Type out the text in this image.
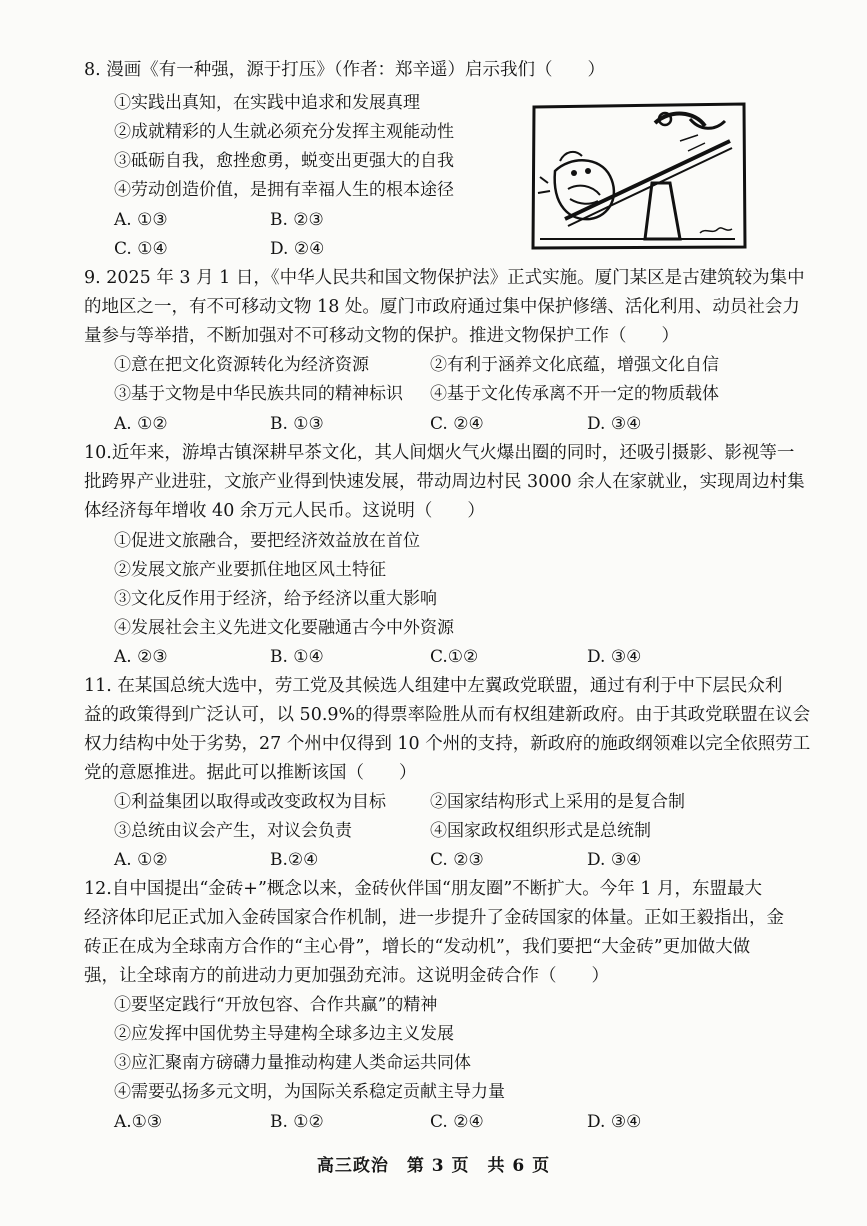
8. 漫画《有一种强，源于打压》（作者：郑辛遥）启示我们（　　）
①实践出真知，在实践中追求和发展真理
②成就精彩的人生就必须充分发挥主观能动性
③砥砺自我，愈挫愈勇，蜕变出更强大的自我
④劳动创造价值，是拥有幸福人生的根本途径
A. ①③	B. ②③
C. ①④	D. ②④
9. 2025 年 3 月 1 日，《中华人民共和国文物保护法》正式实施。厦门某区是古建筑较为集中
的地区之一，有不可移动文物 18 处。厦门市政府通过集中保护修缮、活化利用、动员社会力
量参与等举措，不断加强对不可移动文物的保护。推进文物保护工作（　　）
①意在把文化资源转化为经济资源	②有利于涵养文化底蕴，增强文化自信
③基于文物是中华民族共同的精神标识 ④基于文化传承离不开一定的物质载体
A. ①②	B. ①③	C. ②④	D. ③④
10.近年来，游埠古镇深耕早茶文化，其人间烟火气火爆出圈的同时，还吸引摄影、影视等一
批跨界产业进驻，文旅产业得到快速发展，带动周边村民 3000 余人在家就业，实现周边村集
体经济每年增收 40 余万元人民币。这说明（　　）
①促进文旅融合，要把经济效益放在首位
②发展文旅产业要抓住地区风土特征
③文化反作用于经济，给予经济以重大影响
④发展社会主义先进文化要融通古今中外资源
A. ②③	B. ①④	C.①②	D. ③④
11. 在某国总统大选中，劳工党及其候选人组建中左翼政党联盟，通过有利于中下层民众利
益的政策得到广泛认可，以 50.9%的得票率险胜从而有权组建新政府。由于其政党联盟在议会
权力结构中处于劣势，27 个州中仅得到 10 个州的支持，新政府的施政纲领难以完全依照劳工
党的意愿推进。据此可以推断该国（　　）
①利益集团以取得或改变政权为目标	②国家结构形式上采用的是复合制
③总统由议会产生，对议会负责	④国家政权组织形式是总统制
A. ①②	B.②④	C. ②③	D. ③④
12.自中国提出“金砖+”概念以来，金砖伙伴国“朋友圈”不断扩大。今年 1 月，东盟最大
经济体印尼正式加入金砖国家合作机制，进一步提升了金砖国家的体量。正如王毅指出，金
砖正在成为全球南方合作的“主心骨”，增长的“发动机”，我们要把“大金砖”更加做大做
强，让全球南方的前进动力更加强劲充沛。这说明金砖合作（　　）
①要坚定践行“开放包容、合作共赢”的精神
②应发挥中国优势主导建构全球多边主义发展
③应汇聚南方磅礴力量推动构建人类命运共同体
④需要弘扬多元文明，为国际关系稳定贡献主导力量
A.①③	B. ①②	C. ②④	D. ③④
高三政治　第 3 页　共 6 页
